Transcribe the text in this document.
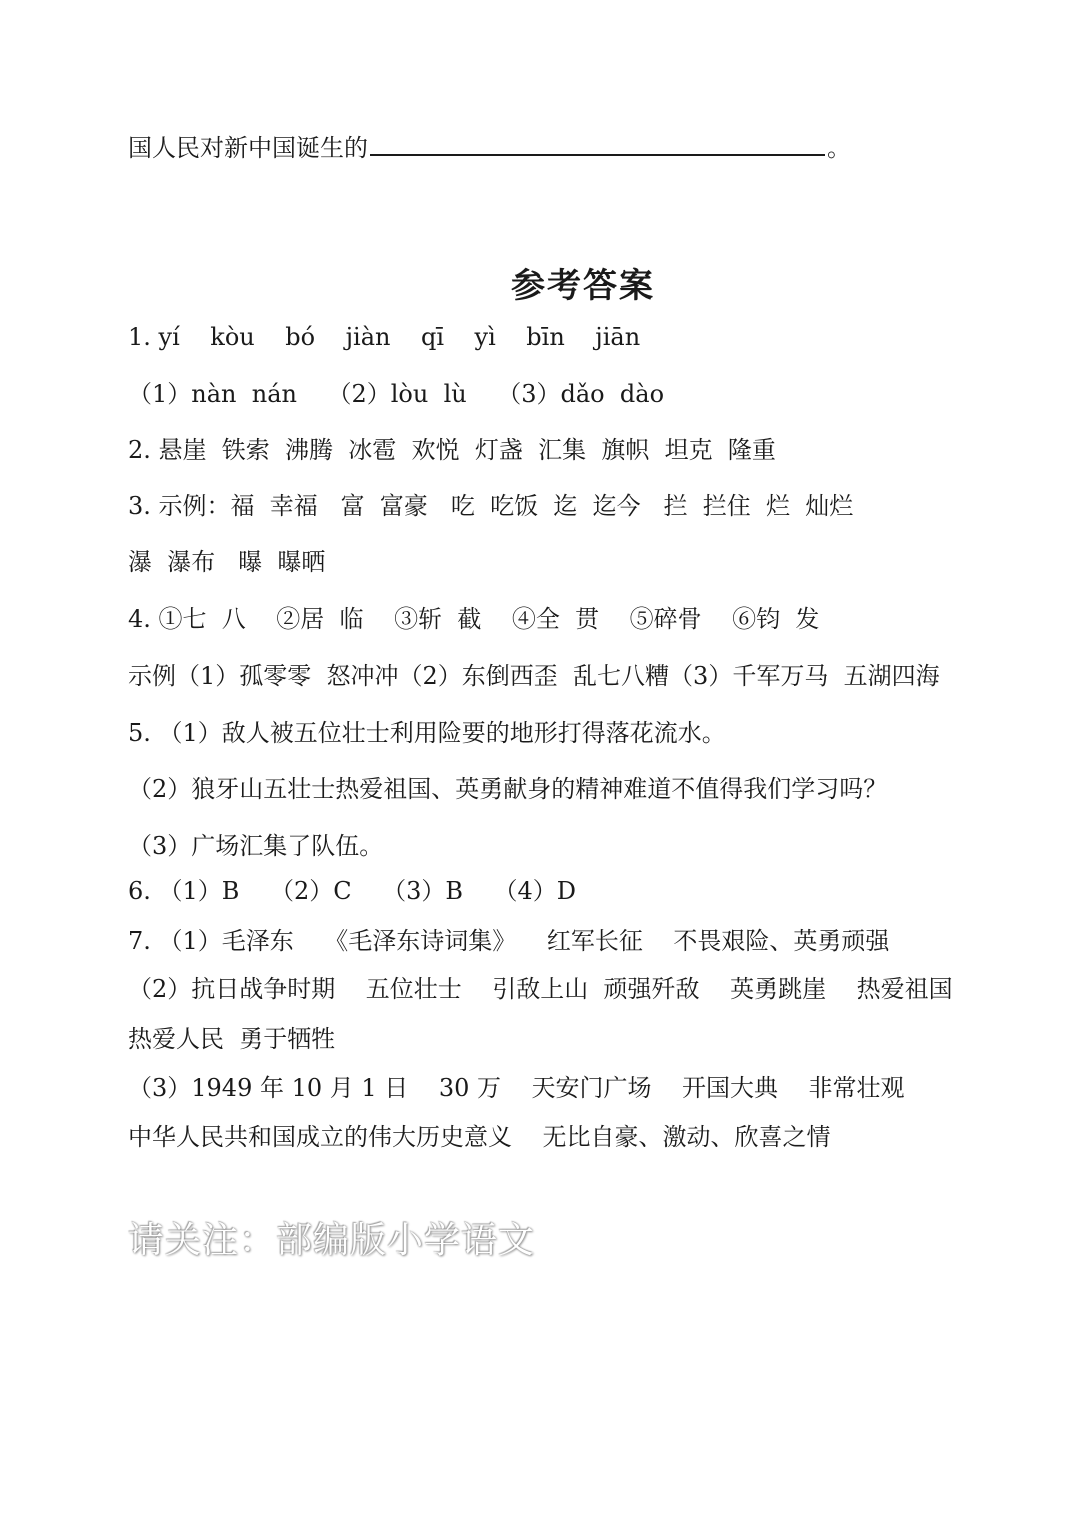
国人民对新中国诞生的	。
参考答案
1. yí    kòu    bó    jiàn    qī    yì    bīn    jiān
（1）nàn  nán    （2）lòu  lù    （3）dǎo  dào
2. 悬崖  铁索  沸腾  冰雹  欢悦  灯盏  汇集  旗帜  坦克  隆重
3. 示例：福  幸福   富  富豪   吃  吃饭  迄  迄今   拦  拦住  烂  灿烂
瀑  瀑布   曝  曝晒
4. ①七  八    ②居  临    ③斩  截    ④全  贯    ⑤碎骨    ⑥钧  发
示例（1）孤零零  怒冲冲（2）东倒西歪  乱七八糟（3）千军万马  五湖四海
5. （1）敌人被五位壮士利用险要的地形打得落花流水。
（2）狼牙山五壮士热爱祖国、英勇献身的精神难道不值得我们学习吗？
（3）广场汇集了队伍。
6. （1）B    （2）C    （3）B    （4）D
7. （1）毛泽东    《毛泽东诗词集》    红军长征    不畏艰险、英勇顽强
（2）抗日战争时期    五位壮士    引敌上山  顽强歼敌    英勇跳崖    热爱祖国
热爱人民  勇于牺牲
（3）1949 年 10 月 1 日    30 万    天安门广场    开国大典    非常壮观
中华人民共和国成立的伟大历史意义    无比自豪、激动、欣喜之情
请关注：部编版小学语文
